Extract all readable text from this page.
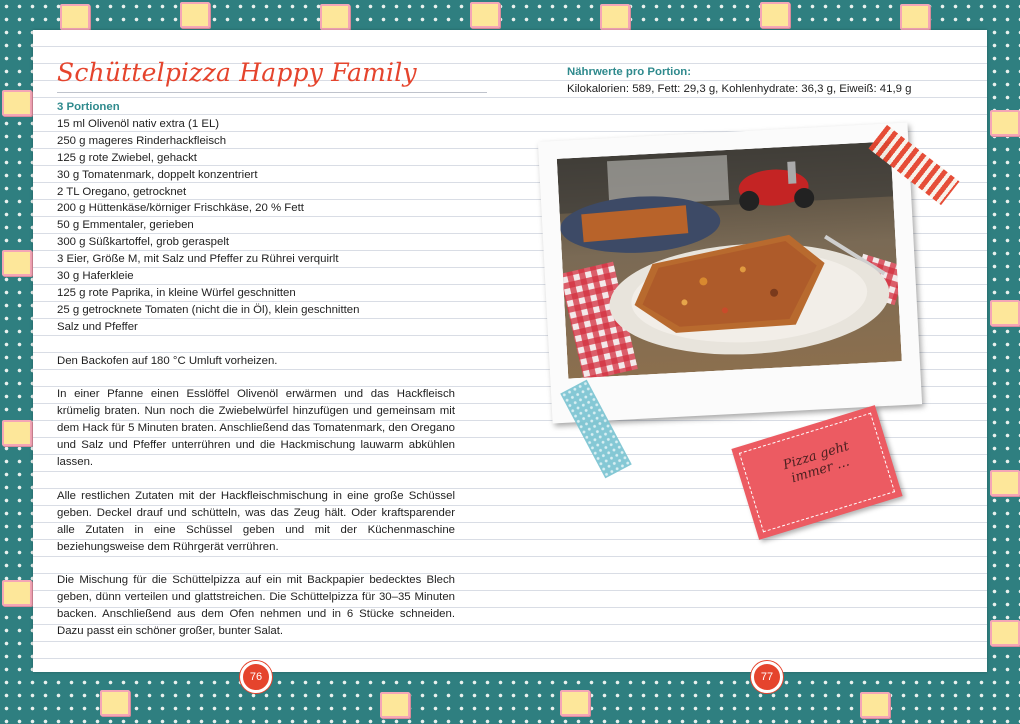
Schüttelpizza Happy Family
3 Portionen
15 ml Olivenöl nativ extra (1 EL)
250 g mageres Rinderhackfleisch
125 g rote Zwiebel, gehackt
30 g Tomatenmark, doppelt konzentriert
2 TL Oregano, getrocknet
200 g Hüttenkäse/körniger Frischkäse, 20 % Fett
50 g Emmentaler, gerieben
300 g Süßkartoffel, grob geraspelt
3 Eier, Größe M, mit Salz und Pfeffer zu Rührei verquirlt
30 g Haferkleie
125 g rote Paprika, in kleine Würfel geschnitten
25 g getrocknete Tomaten (nicht die in Öl), klein geschnitten
Salz und Pfeffer

Den Backofen auf 180 °C Umluft vorheizen.

In einer Pfanne einen Esslöffel Olivenöl erwärmen und das Hackfleisch krümelig braten. Nun noch die Zwiebelwürfel hinzufügen und gemeinsam mit dem Hack für 5 Minuten braten. Anschließend das Tomatenmark, den Oregano und Salz und Pfeffer unterrühren und die Hackmischung lauwarm abkühlen lassen.

Alle restlichen Zutaten mit der Hackfleischmischung in eine große Schüssel geben. Deckel drauf und schütteln, was das Zeug hält. Oder kraftsparender alle Zutaten in eine Schüssel geben und mit der Küchenmaschine beziehungsweise dem Rührgerät verrühren.

Die Mischung für die Schüttelpizza auf ein mit Backpapier bedecktes Blech geben, dünn verteilen und glattstreichen. Die Schüttelpizza für 30–35 Minuten backen. Anschließend aus dem Ofen nehmen und in 6 Stücke schneiden. Dazu passt ein schöner großer, bunter Salat.

Nährwerte pro Portion:
Kilokalorien: 589, Fett: 29,3 g, Kohlenhydrate: 36,3 g, Eiweiß: 41,9 g
Pizza geht immer …
76	77
